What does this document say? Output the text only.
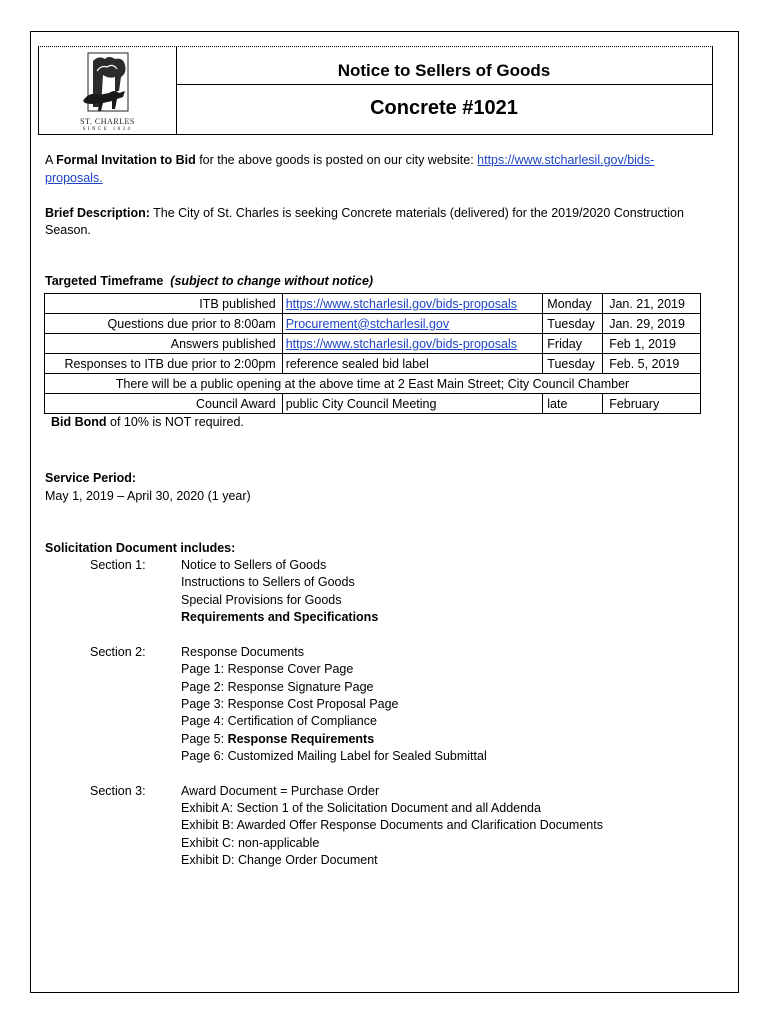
ST. CHARLES
SINCE 1834
Notice to Sellers of Goods
Concrete #1021
A Formal Invitation to Bid for the above goods is posted on our city website: https://www.stcharlesil.gov/bids-
proposals.
Brief Description: The City of St. Charles is seeking Concrete materials (delivered) for the 2019/2020 Construction
Season.
Targeted Timeframe (subject to change without notice)
ITB published	https://www.stcharlesil.gov/bids-proposals	Monday	Jan. 21, 2019
Questions due prior to 8:00am	Procurement@stcharlesil.gov	Tuesday	Jan. 29, 2019
Answers published	https://www.stcharlesil.gov/bids-proposals	Friday	Feb 1, 2019
Responses to ITB due prior to 2:00pm	reference sealed bid label	Tuesday	Feb. 5, 2019
There will be a public opening at the above time at 2 East Main Street; City Council Chamber			
Council Award	public City Council Meeting	late	February
Bid Bond of 10% is NOT required.
Service Period:
May 1, 2019 – April 30, 2020 (1 year)
Solicitation Document includes:
Section 1:	Notice to Sellers of Goods
Instructions to Sellers of Goods
Special Provisions for Goods
Requirements and Specifications
Section 2:	Response Documents
Page 1: Response Cover Page
Page 2: Response Signature Page
Page 3: Response Cost Proposal Page
Page 4: Certification of Compliance
Page 5: Response Requirements
Page 6: Customized Mailing Label for Sealed Submittal
Section 3:	Award Document = Purchase Order
Exhibit A: Section 1 of the Solicitation Document and all Addenda
Exhibit B: Awarded Offer Response Documents and Clarification Documents
Exhibit C: non-applicable
Exhibit D: Change Order Document
